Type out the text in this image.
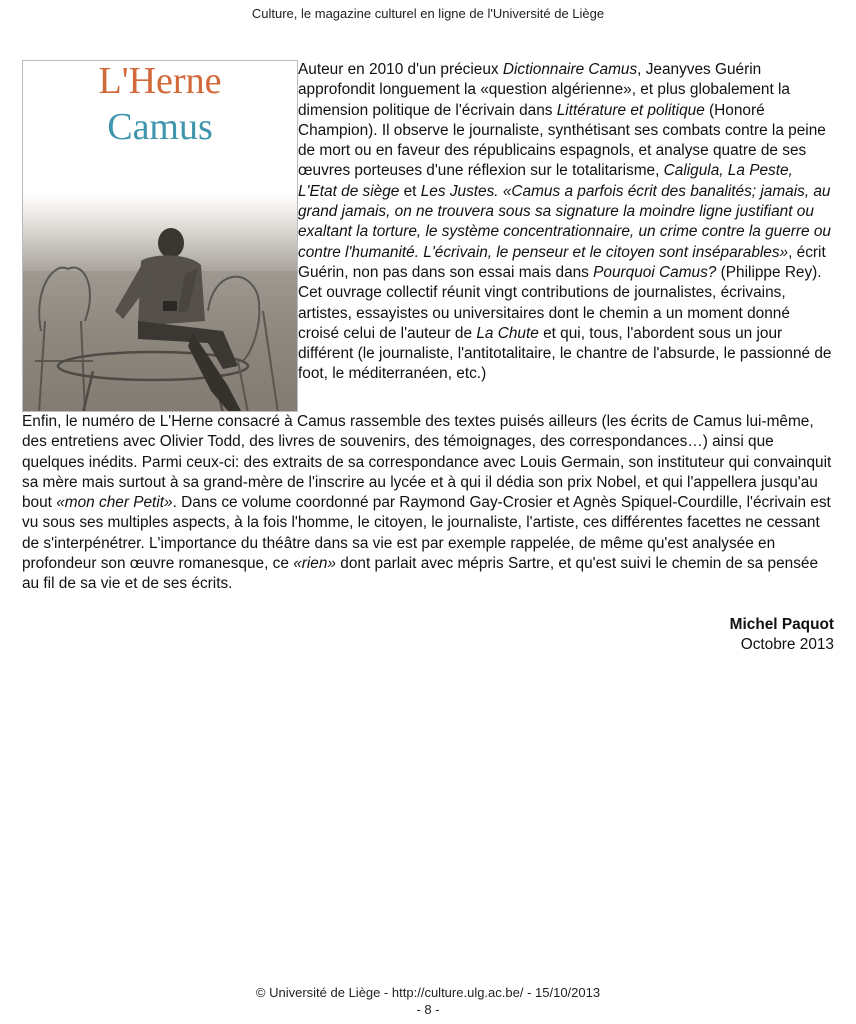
Culture, le magazine culturel en ligne de l'Université de Liège
L'Herne
Camus

Auteur en 2010 d'un précieux Dictionnaire Camus, Jeanyves Guérin approfondit longuement la «question algérienne», et plus globalement la dimension politique de l'écrivain dans Littérature et politique (Honoré Champion). Il observe le journaliste, synthétisant ses combats contre la peine de mort ou en faveur des républicains espagnols, et analyse quatre de ses œuvres porteuses d'une réflexion sur le totalitarisme, Caligula, La Peste, L'Etat de siège et Les Justes. «Camus a parfois écrit des banalités; jamais, au grand jamais, on ne trouvera sous sa signature la moindre ligne justifiant ou exaltant la torture, le système concentrationnaire, un crime contre la guerre ou contre l'humanité. L'écrivain, le penseur et le citoyen sont inséparables», écrit Guérin, non pas dans son essai mais dans Pourquoi Camus? (Philippe Rey). Cet ouvrage collectif réunit vingt contributions de journalistes, écrivains, artistes, essayistes ou universitaires dont le chemin a un moment donné croisé celui de l'auteur de La Chute et qui, tous, l'abordent sous un jour différent (le journaliste, l'antitotalitaire, le chantre de l'absurde, le passionné de foot, le méditerranéen, etc.)

Enfin, le numéro de L'Herne consacré à Camus rassemble des textes puisés ailleurs (les écrits de Camus lui-même, des entretiens avec Olivier Todd, des livres de souvenirs, des témoignages, des correspondances…) ainsi que quelques inédits. Parmi ceux-ci: des extraits de sa correspondance avec Louis Germain, son instituteur qui convainquit sa mère mais surtout à sa grand-mère de l'inscrire au lycée et à qui il dédia son prix Nobel, et qui l'appellera jusqu'au bout «mon cher Petit». Dans ce volume coordonné par Raymond Gay-Crosier et Agnès Spiquel-Courdille, l'écrivain est vu sous ses multiples aspects, à la fois l'homme, le citoyen, le journaliste, l'artiste, ces différentes facettes ne cessant de s'interpénétrer. L'importance du théâtre dans sa vie est par exemple rappelée, de même qu'est analysée en profondeur son œuvre romanesque, ce «rien» dont parlait avec mépris Sartre, et qu'est suivi le chemin de sa pensée au fil de sa vie et de ses écrits.

Michel Paquot
Octobre 2013
© Université de Liège - http://culture.ulg.ac.be/ - 15/10/2013
- 8 -
